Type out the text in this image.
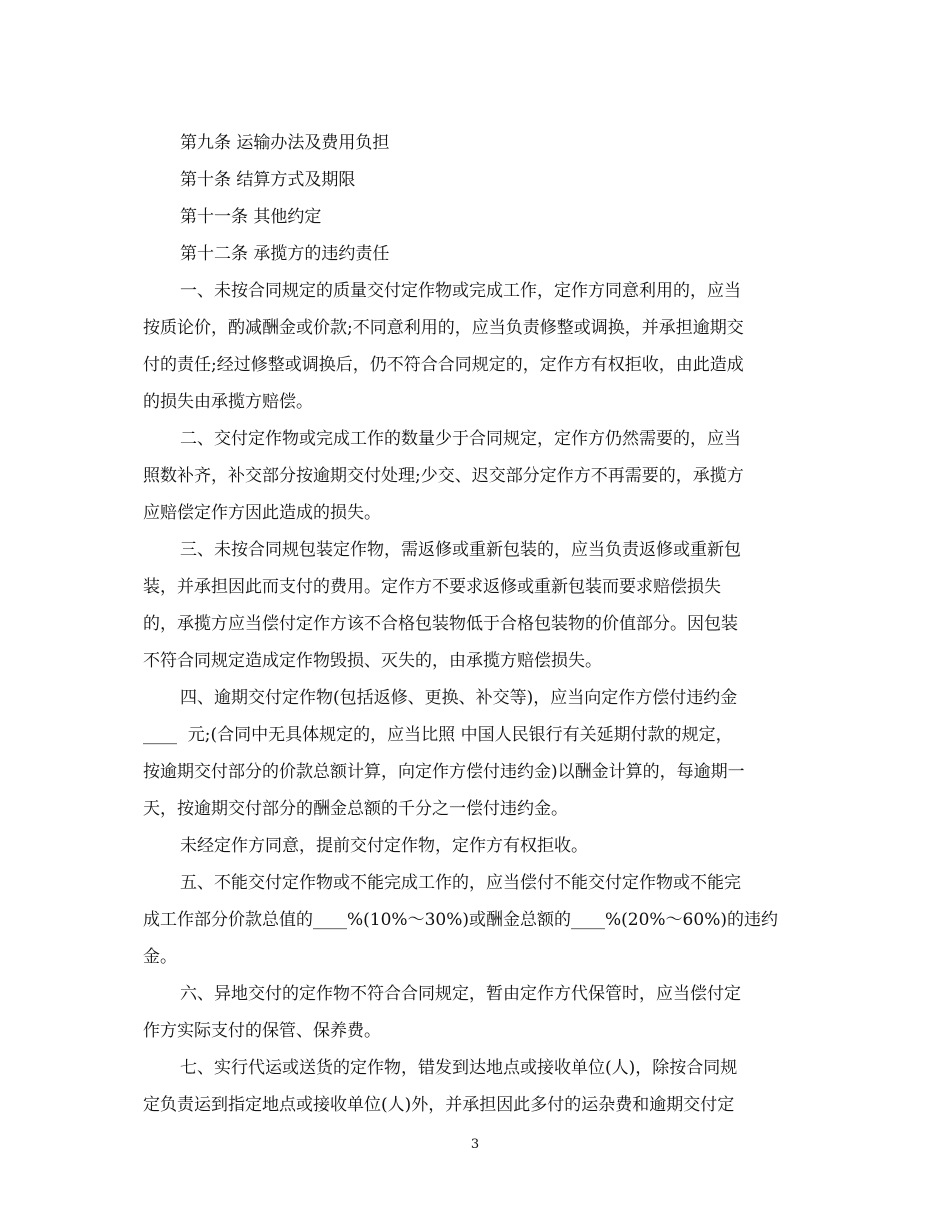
第九条 运输办法及费用负担
第十条 结算方式及期限
第十一条 其他约定
第十二条 承揽方的违约责任
一、未按合同规定的质量交付定作物或完成工作，定作方同意利用的，应当
按质论价，酌减酬金或价款;不同意利用的，应当负责修整或调换，并承担逾期交
付的责任;经过修整或调换后，仍不符合合同规定的，定作方有权拒收，由此造成
的损失由承揽方赔偿。
二、交付定作物或完成工作的数量少于合同规定，定作方仍然需要的，应当
照数补齐，补交部分按逾期交付处理;少交、迟交部分定作方不再需要的，承揽方
应赔偿定作方因此造成的损失。
三、未按合同规包装定作物，需返修或重新包装的，应当负责返修或重新包
装，并承担因此而支付的费用。定作方不要求返修或重新包装而要求赔偿损失
的，承揽方应当偿付定作方该不合格包装物低于合格包装物的价值部分。因包装
不符合同规定造成定作物毁损、灭失的，由承揽方赔偿损失。
四、逾期交付定作物(包括返修、更换、补交等)，应当向定作方偿付违约金
____  元;(合同中无具体规定的，应当比照 中国人民银行有关延期付款的规定，
按逾期交付部分的价款总额计算，向定作方偿付违约金)以酬金计算的，每逾期一
天，按逾期交付部分的酬金总额的千分之一偿付违约金。
未经定作方同意，提前交付定作物，定作方有权拒收。
五、不能交付定作物或不能完成工作的，应当偿付不能交付定作物或不能完
成工作部分价款总值的____%(10%～30%)或酬金总额的____%(20%～60%)的违约
金。
六、异地交付的定作物不符合合同规定，暂由定作方代保管时，应当偿付定
作方实际支付的保管、保养费。
七、实行代运或送货的定作物，错发到达地点或接收单位(人)，除按合同规
定负责运到指定地点或接收单位(人)外，并承担因此多付的运杂费和逾期交付定
3
